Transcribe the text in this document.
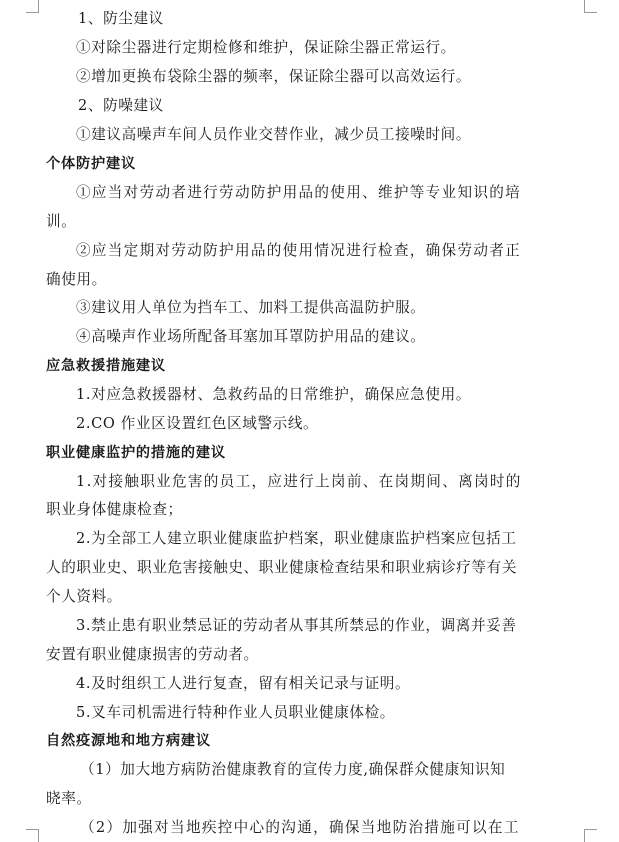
1、防尘建议
①对除尘器进行定期检修和维护，保证除尘器正常运行。
②增加更换布袋除尘器的频率，保证除尘器可以高效运行。
2、防噪建议
①建议高噪声车间人员作业交替作业，减少员工接噪时间。
个体防护建议
①应当对劳动者进行劳动防护用品的使用、维护等专业知识的培
训。
②应当定期对劳动防护用品的使用情况进行检查，确保劳动者正
确使用。
③建议用人单位为挡车工、加料工提供高温防护服。
④高噪声作业场所配备耳塞加耳罩防护用品的建议。
应急救援措施建议
1.对应急救援器材、急救药品的日常维护，确保应急使用。
2.CO 作业区设置红色区域警示线。
职业健康监护的措施的建议
1.对接触职业危害的员工，应进行上岗前、在岗期间、离岗时的
职业身体健康检查；
2.为全部工人建立职业健康监护档案，职业健康监护档案应包括工
人的职业史、职业危害接触史、职业健康检查结果和职业病诊疗等有关
个人资料。
3.禁止患有职业禁忌证的劳动者从事其所禁忌的作业，调离并妥善
安置有职业健康损害的劳动者。
4.及时组织工人进行复查，留有相关记录与证明。
5.叉车司机需进行特种作业人员职业健康体检。
自然疫源地和地方病建议
（1）加大地方病防治健康教育的宣传力度,确保群众健康知识知
晓率。
（2）加强对当地疾控中心的沟通，确保当地防治措施可以在工
